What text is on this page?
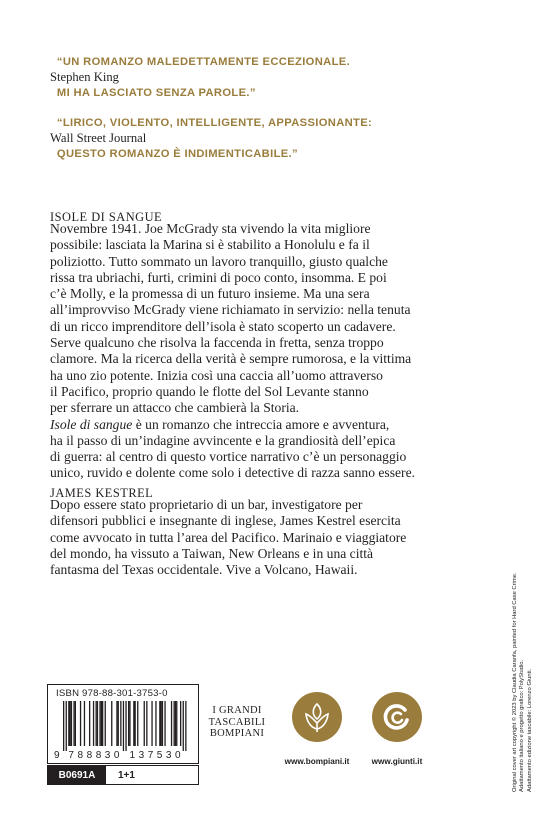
“UN ROMANZO MALEDETTAMENTE ECCEZIONALE.

MI HA LASCIATO SENZA PAROLE.”

Stephen King

“LIRICO, VIOLENTO, INTELLIGENTE, APPASSIONANTE:

QUESTO ROMANZO È INDIMENTICABILE.”

Wall Street Journal
ISOLE DI SANGUE
Novembre 1941. Joe McGrady sta vivendo la vita migliore
possibile: lasciata la Marina si è stabilito a Honolulu e fa il
poliziotto. Tutto sommato un lavoro tranquillo, giusto qualche
rissa tra ubriachi, furti, crimini di poco conto, insomma. E poi
c’è Molly, e la promessa di un futuro insieme. Ma una sera
all’improvviso McGrady viene richiamato in servizio: nella tenuta
di un ricco imprenditore dell’isola è stato scoperto un cadavere.
Serve qualcuno che risolva la faccenda in fretta, senza troppo
clamore. Ma la ricerca della verità è sempre rumorosa, e la vittima
ha uno zio potente. Inizia così una caccia all’uomo attraverso
il Pacifico, proprio quando le flotte del Sol Levante stanno
per sferrare un attacco che cambierà la Storia.
Isole di sangue è un romanzo che intreccia amore e avventura,
ha il passo di un’indagine avvincente e la grandiosità dell’epica
di guerra: al centro di questo vortice narrativo c’è un personaggio
unico, ruvido e dolente come solo i detective di razza sanno essere.
JAMES KESTREL
Dopo essere stato proprietario di un bar, investigatore per
difensori pubblici e insegnante di inglese, James Kestrel esercita
come avvocato in tutta l’area del Pacifico. Marinaio e viaggiatore
del mondo, ha vissuto a Taiwan, New Orleans e in una città
fantasma del Texas occidentale. Vive a Volcano, Hawaii.
ISBN 978-88-301-3753-0
9 7 8 8 8 3 0 1 3 7 5 3 0
B0691A	1+1
I GRANDI
TASCABILI
BOMPIANI
www.bompiani.it	www.giunti.it	Original cover art copyright © 2023 by Claudia Caranfa, painted for Hard Case Crime. Adattamento italiano e progetto grafico: PolyStudio. Adattamento edizione tascabile: Lorenzo Giunti.
